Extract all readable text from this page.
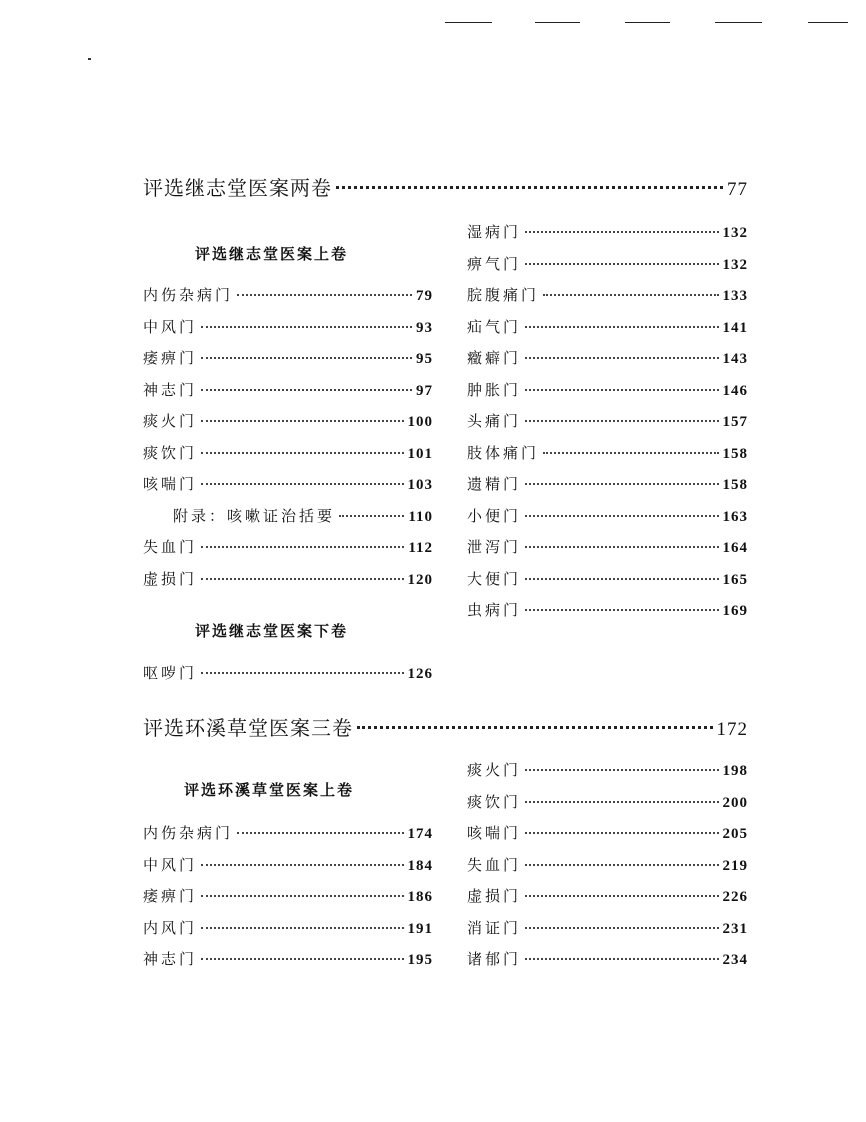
评选继志堂医案两卷	77
评选继志堂医案上卷
内伤杂病门	79
中风门	93
痿痹门	95
神志门	97
痰火门	100
痰饮门	101
咳喘门	103
附录：咳嗽证治括要	110
失血门	112
虚损门	120
评选继志堂医案下卷
呕哕门	126
湿病门	132
痹气门	132
脘腹痛门	133
疝气门	141
癥癖门	143
肿胀门	146
头痛门	157
肢体痛门	158
遗精门	158
小便门	163
泄泻门	164
大便门	165
虫病门	169
评选环溪草堂医案三卷	172
评选环溪草堂医案上卷
内伤杂病门	174
中风门	184
痿痹门	186
内风门	191
神志门	195
痰火门	198
痰饮门	200
咳喘门	205
失血门	219
虚损门	226
消证门	231
诸郁门	234
